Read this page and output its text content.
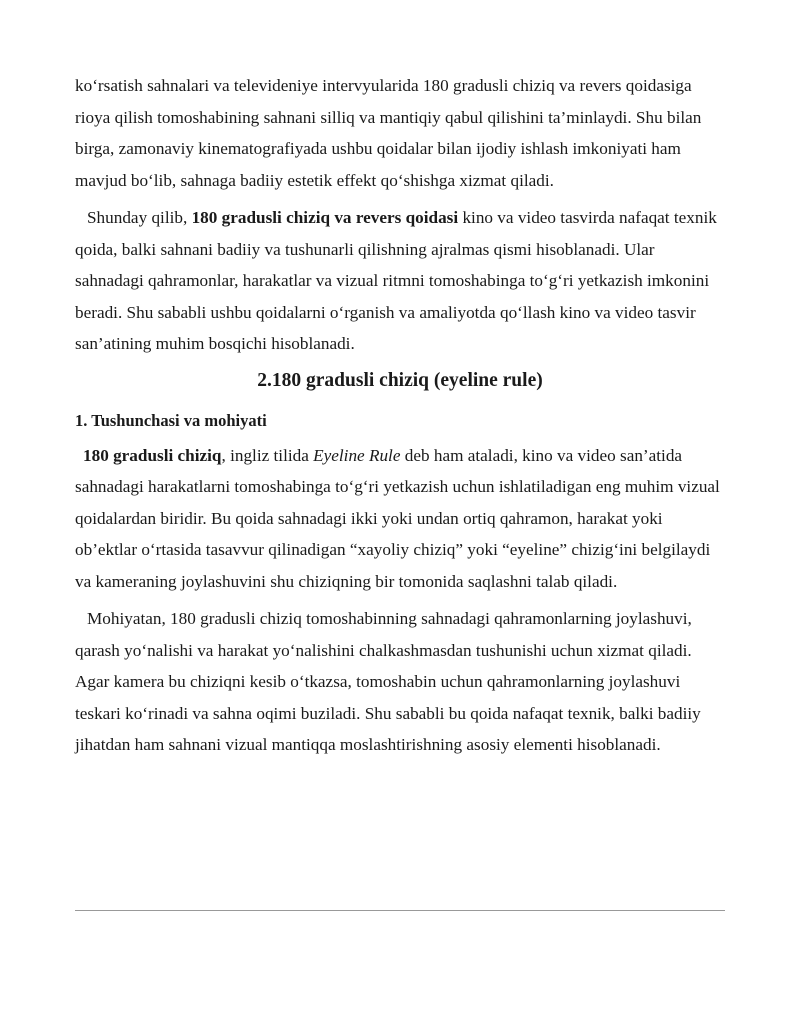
ko‘rsatish sahnalari va televideniye intervyularida 180 gradusli chiziq va revers qoidasiga rioya qilish tomoshabining sahnani silliq va mantiqiy qabul qilishini ta’minlaydi. Shu bilan birga, zamonaviy kinematografiyada ushbu qoidalar bilan ijodiy ishlash imkoniyati ham mavjud bo‘lib, sahnaga badiiy estetik effekt qo‘shishga xizmat qiladi.

Shunday qilib, 180 gradusli chiziq va revers qoidasi kino va video tasvirda nafaqat texnik qoida, balki sahnani badiiy va tushunarli qilishning ajralmas qismi hisoblanadi. Ular sahnadagi qahramonlar, harakatlar va vizual ritmni tomoshabinga to‘g‘ri yetkazish imkonini beradi. Shu sababli ushbu qoidalarni o‘rganish va amaliyotda qo‘llash kino va video tasvir san’atining muhim bosqichi hisoblanadi.

2.180 gradusli chiziq (eyeline rule)
1. Tushunchasi va mohiyati

180 gradusli chiziq, ingliz tilida Eyeline Rule deb ham ataladi, kino va video san’atida sahnadagi harakatlarni tomoshabinga to‘g‘ri yetkazish uchun ishlatiladigan eng muhim vizual qoidalardan biridir. Bu qoida sahnadagi ikki yoki undan ortiq qahramon, harakat yoki ob’ektlar o‘rtasida tasavvur qilinadigan “xayoliy chiziq” yoki “eyeline” chizig‘ini belgilaydi va kameraning joylashuvini shu chiziqning bir tomonida saqlashni talab qiladi.

Mohiyatan, 180 gradusli chiziq tomoshabinning sahnadagi qahramonlarning joylashuvi, qarash yo‘nalishi va harakat yo‘nalishini chalkashmasdan tushunishi uchun xizmat qiladi. Agar kamera bu chiziqni kesib o‘tkazsa, tomoshabin uchun qahramonlarning joylashuvi teskari ko‘rinadi va sahna oqimi buziladi. Shu sababli bu qoida nafaqat texnik, balki badiiy jihatdan ham sahnani vizual mantiqqa moslashtirishning asosiy elementi hisoblanadi.
